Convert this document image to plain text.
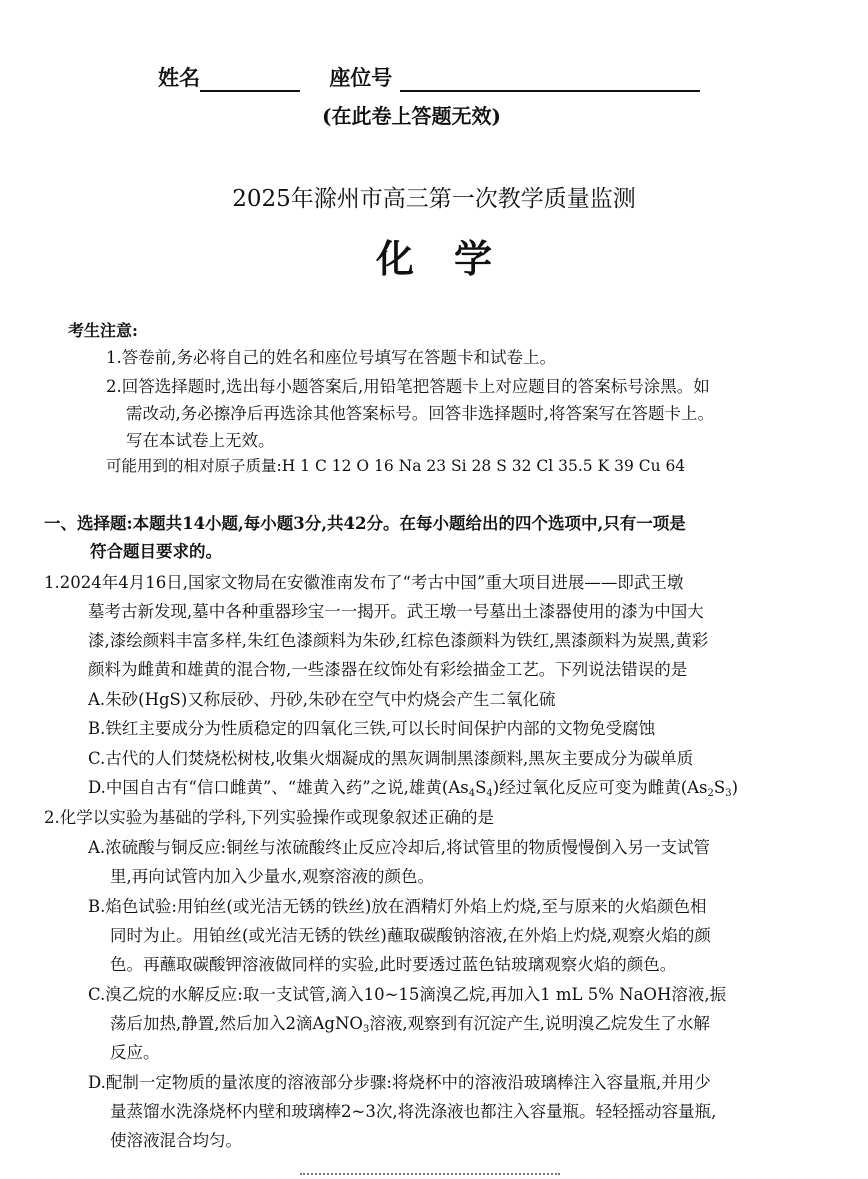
姓名	座位号
(在此卷上答题无效)
2025年滁州市高三第一次教学质量监测
化学
考生注意:
1.答卷前,务必将自己的姓名和座位号填写在答题卡和试卷上。
2.回答选择题时,选出每小题答案后,用铅笔把答题卡上对应题目的答案标号涂黑。如
需改动,务必擦净后再选涂其他答案标号。回答非选择题时,将答案写在答题卡上。
写在本试卷上无效。
可能用到的相对原子质量:H 1 C 12 O 16 Na 23 Si 28 S 32 Cl 35.5 K 39 Cu 64
一、选择题:本题共14小题,每小题3分,共42分。在每小题给出的四个选项中,只有一项是
符合题目要求的。
1.2024年4月16日,国家文物局在安徽淮南发布了“考古中国”重大项目进展——即武王墩
墓考古新发现,墓中各种重器珍宝一一揭开。武王墩一号墓出土漆器使用的漆为中国大
漆,漆绘颜料丰富多样,朱红色漆颜料为朱砂,红棕色漆颜料为铁红,黑漆颜料为炭黑,黄彩
颜料为雌黄和雄黄的混合物,一些漆器在纹饰处有彩绘描金工艺。下列说法错误的是
A.朱砂(HgS)又称辰砂、丹砂,朱砂在空气中灼烧会产生二氧化硫
B.铁红主要成分为性质稳定的四氧化三铁,可以长时间保护内部的文物免受腐蚀
C.古代的人们焚烧松树枝,收集火烟凝成的黑灰调制黑漆颜料,黑灰主要成分为碳单质
D.中国自古有“信口雌黄”、“雄黄入药”之说,雄黄$(As_4S_4)$经过氧化反应可变为雌黄$(As_2S_3)$
2.化学以实验为基础的学科,下列实验操作或现象叙述正确的是
A.浓硫酸与铜反应:铜丝与浓硫酸终止反应冷却后,将试管里的物质慢慢倒入另一支试管
里,再向试管内加入少量水,观察溶液的颜色。
B.焰色试验:用铂丝(或光洁无锈的铁丝)放在酒精灯外焰上灼烧,至与原来的火焰颜色相
同时为止。用铂丝(或光洁无锈的铁丝)蘸取碳酸钠溶液,在外焰上灼烧,观察火焰的颜
色。再蘸取碳酸钾溶液做同样的实验,此时要透过蓝色钴玻璃观察火焰的颜色。
C.溴乙烷的水解反应:取一支试管,滴入10~15滴溴乙烷,再加入1 mL 5% NaOH溶液,振
荡后加热,静置,然后加入2滴AgNO$_3$溶液,观察到有沉淀产生,说明溴乙烷发生了水解
反应。
D.配制一定物质的量浓度的溶液部分步骤:将烧杯中的溶液沿玻璃棒注入容量瓶,并用少
量蒸馏水洗涤烧杯内壁和玻璃棒2~3次,将洗涤液也都注入容量瓶。轻轻摇动容量瓶,
使溶液混合均匀。
